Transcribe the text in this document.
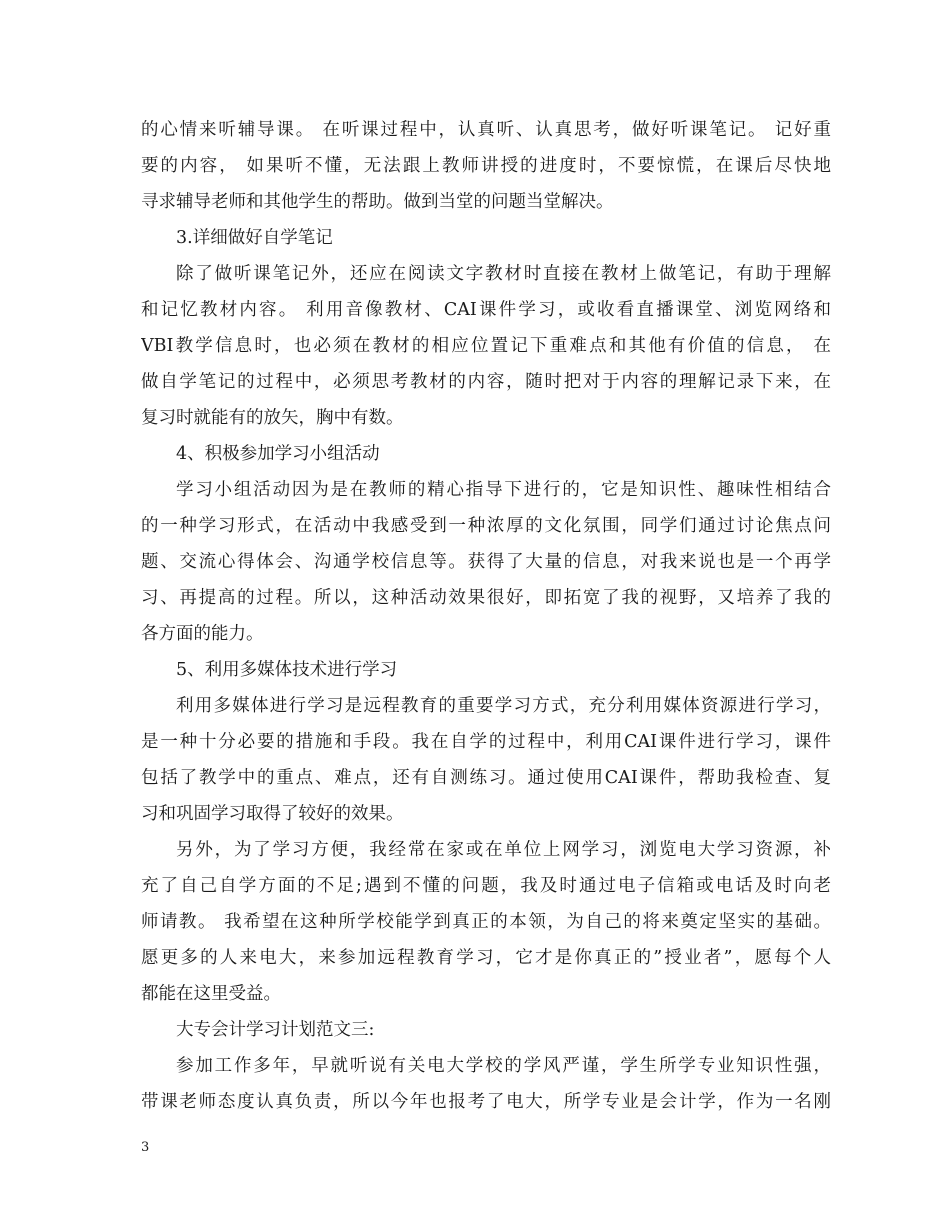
的心情来听辅导课。 在听课过程中，认真听、认真思考，做好听课笔记。 记好重
要的内容， 如果听不懂，无法跟上教师讲授的进度时，不要惊慌，在课后尽快地
寻求辅导老师和其他学生的帮助。做到当堂的问题当堂解决。
3.详细做好自学笔记
除了做听课笔记外，还应在阅读文字教材时直接在教材上做笔记，有助于理解
和记忆教材内容。 利用音像教材、CAI课件学习，或收看直播课堂、浏览网络和
VBI教学信息时，也必须在教材的相应位置记下重难点和其他有价值的信息， 在
做自学笔记的过程中，必须思考教材的内容，随时把对于内容的理解记录下来，在
复习时就能有的放矢，胸中有数。
4、积极参加学习小组活动
学习小组活动因为是在教师的精心指导下进行的，它是知识性、趣味性相结合
的一种学习形式，在活动中我感受到一种浓厚的文化氛围，同学们通过讨论焦点问
题、交流心得体会、沟通学校信息等。获得了大量的信息，对我来说也是一个再学
习、再提高的过程。所以，这种活动效果很好，即拓宽了我的视野，又培养了我的
各方面的能力。
5、利用多媒体技术进行学习
利用多媒体进行学习是远程教育的重要学习方式，充分利用媒体资源进行学习，
是一种十分必要的措施和手段。我在自学的过程中，利用CAI课件进行学习，课件
包括了教学中的重点、难点，还有自测练习。通过使用CAI课件，帮助我检查、复
习和巩固学习取得了较好的效果。
另外，为了学习方便，我经常在家或在单位上网学习，浏览电大学习资源，补
充了自己自学方面的不足;遇到不懂的问题，我及时通过电子信箱或电话及时向老
师请教。 我希望在这种所学校能学到真正的本领，为自己的将来奠定坚实的基础。
愿更多的人来电大，来参加远程教育学习，它才是你真正的”授业者”，愿每个人
都能在这里受益。
大专会计学习计划范文三:
参加工作多年，早就听说有关电大学校的学风严谨，学生所学专业知识性强，
带课老师态度认真负责，所以今年也报考了电大，所学专业是会计学，作为一名刚
3
